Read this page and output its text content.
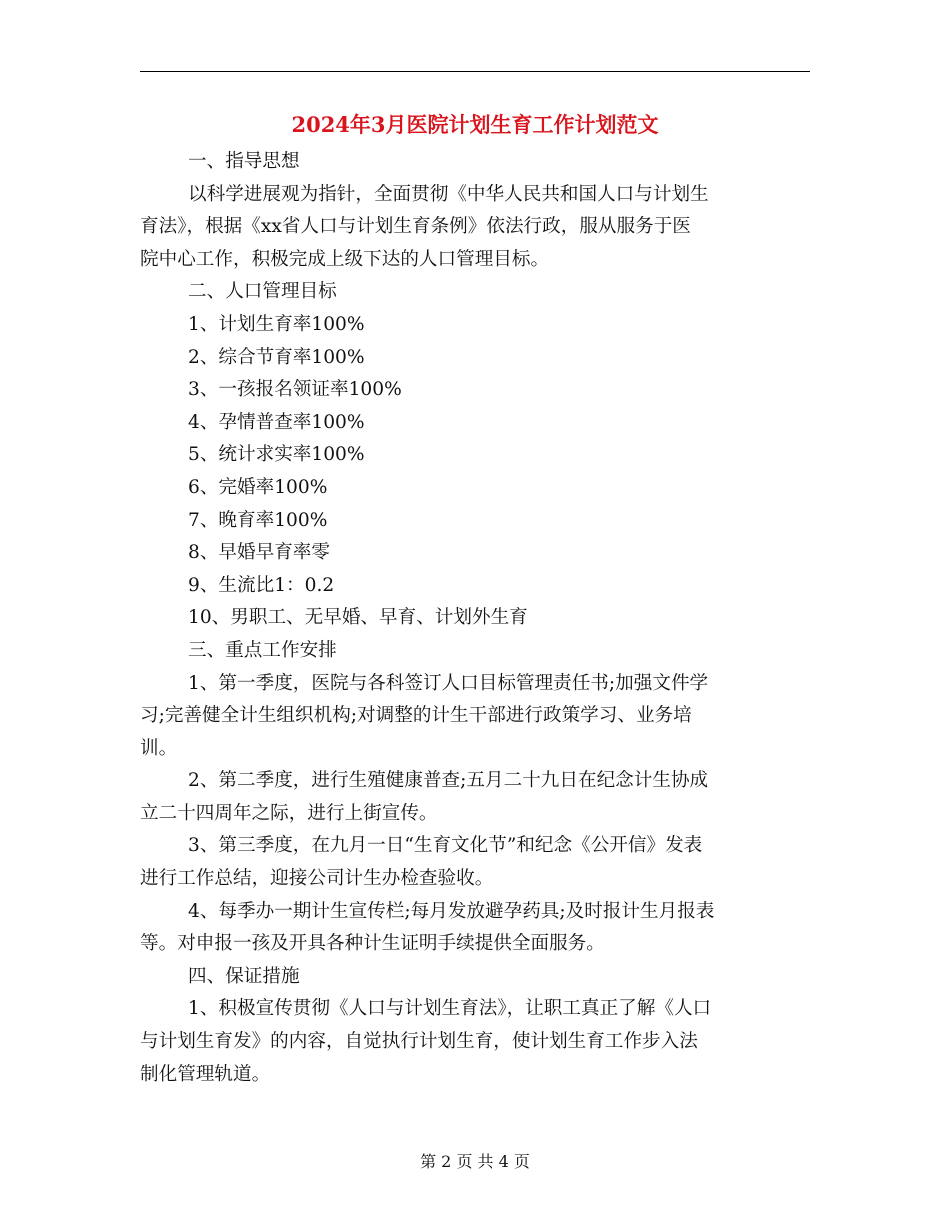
2024年3月医院计划生育工作计划范文
一、指导思想
以科学进展观为指针，全面贯彻《中华人民共和国人口与计划生
育法》，根据《xx省人口与计划生育条例》依法行政，服从服务于医
院中心工作，积极完成上级下达的人口管理目标。
二、人口管理目标
1、计划生育率100%
2、综合节育率100%
3、一孩报名领证率100%
4、孕情普查率100%
5、统计求实率100%
6、完婚率100%
7、晚育率100%
8、早婚早育率零
9、生流比1：0.2
10、男职工、无早婚、早育、计划外生育
三、重点工作安排
1、第一季度，医院与各科签订人口目标管理责任书;加强文件学
习;完善健全计生组织机构;对调整的计生干部进行政策学习、业务培
训。
2、第二季度，进行生殖健康普查;五月二十九日在纪念计生协成
立二十四周年之际，进行上街宣传。
3、第三季度，在九月一日“生育文化节”和纪念《公开信》发表
进行工作总结，迎接公司计生办检查验收。
4、每季办一期计生宣传栏;每月发放避孕药具;及时报计生月报表
等。对申报一孩及开具各种计生证明手续提供全面服务。
四、保证措施
1、积极宣传贯彻《人口与计划生育法》，让职工真正了解《人口
与计划生育发》的内容，自觉执行计划生育，使计划生育工作步入法
制化管理轨道。
第 2 页 共 4 页
